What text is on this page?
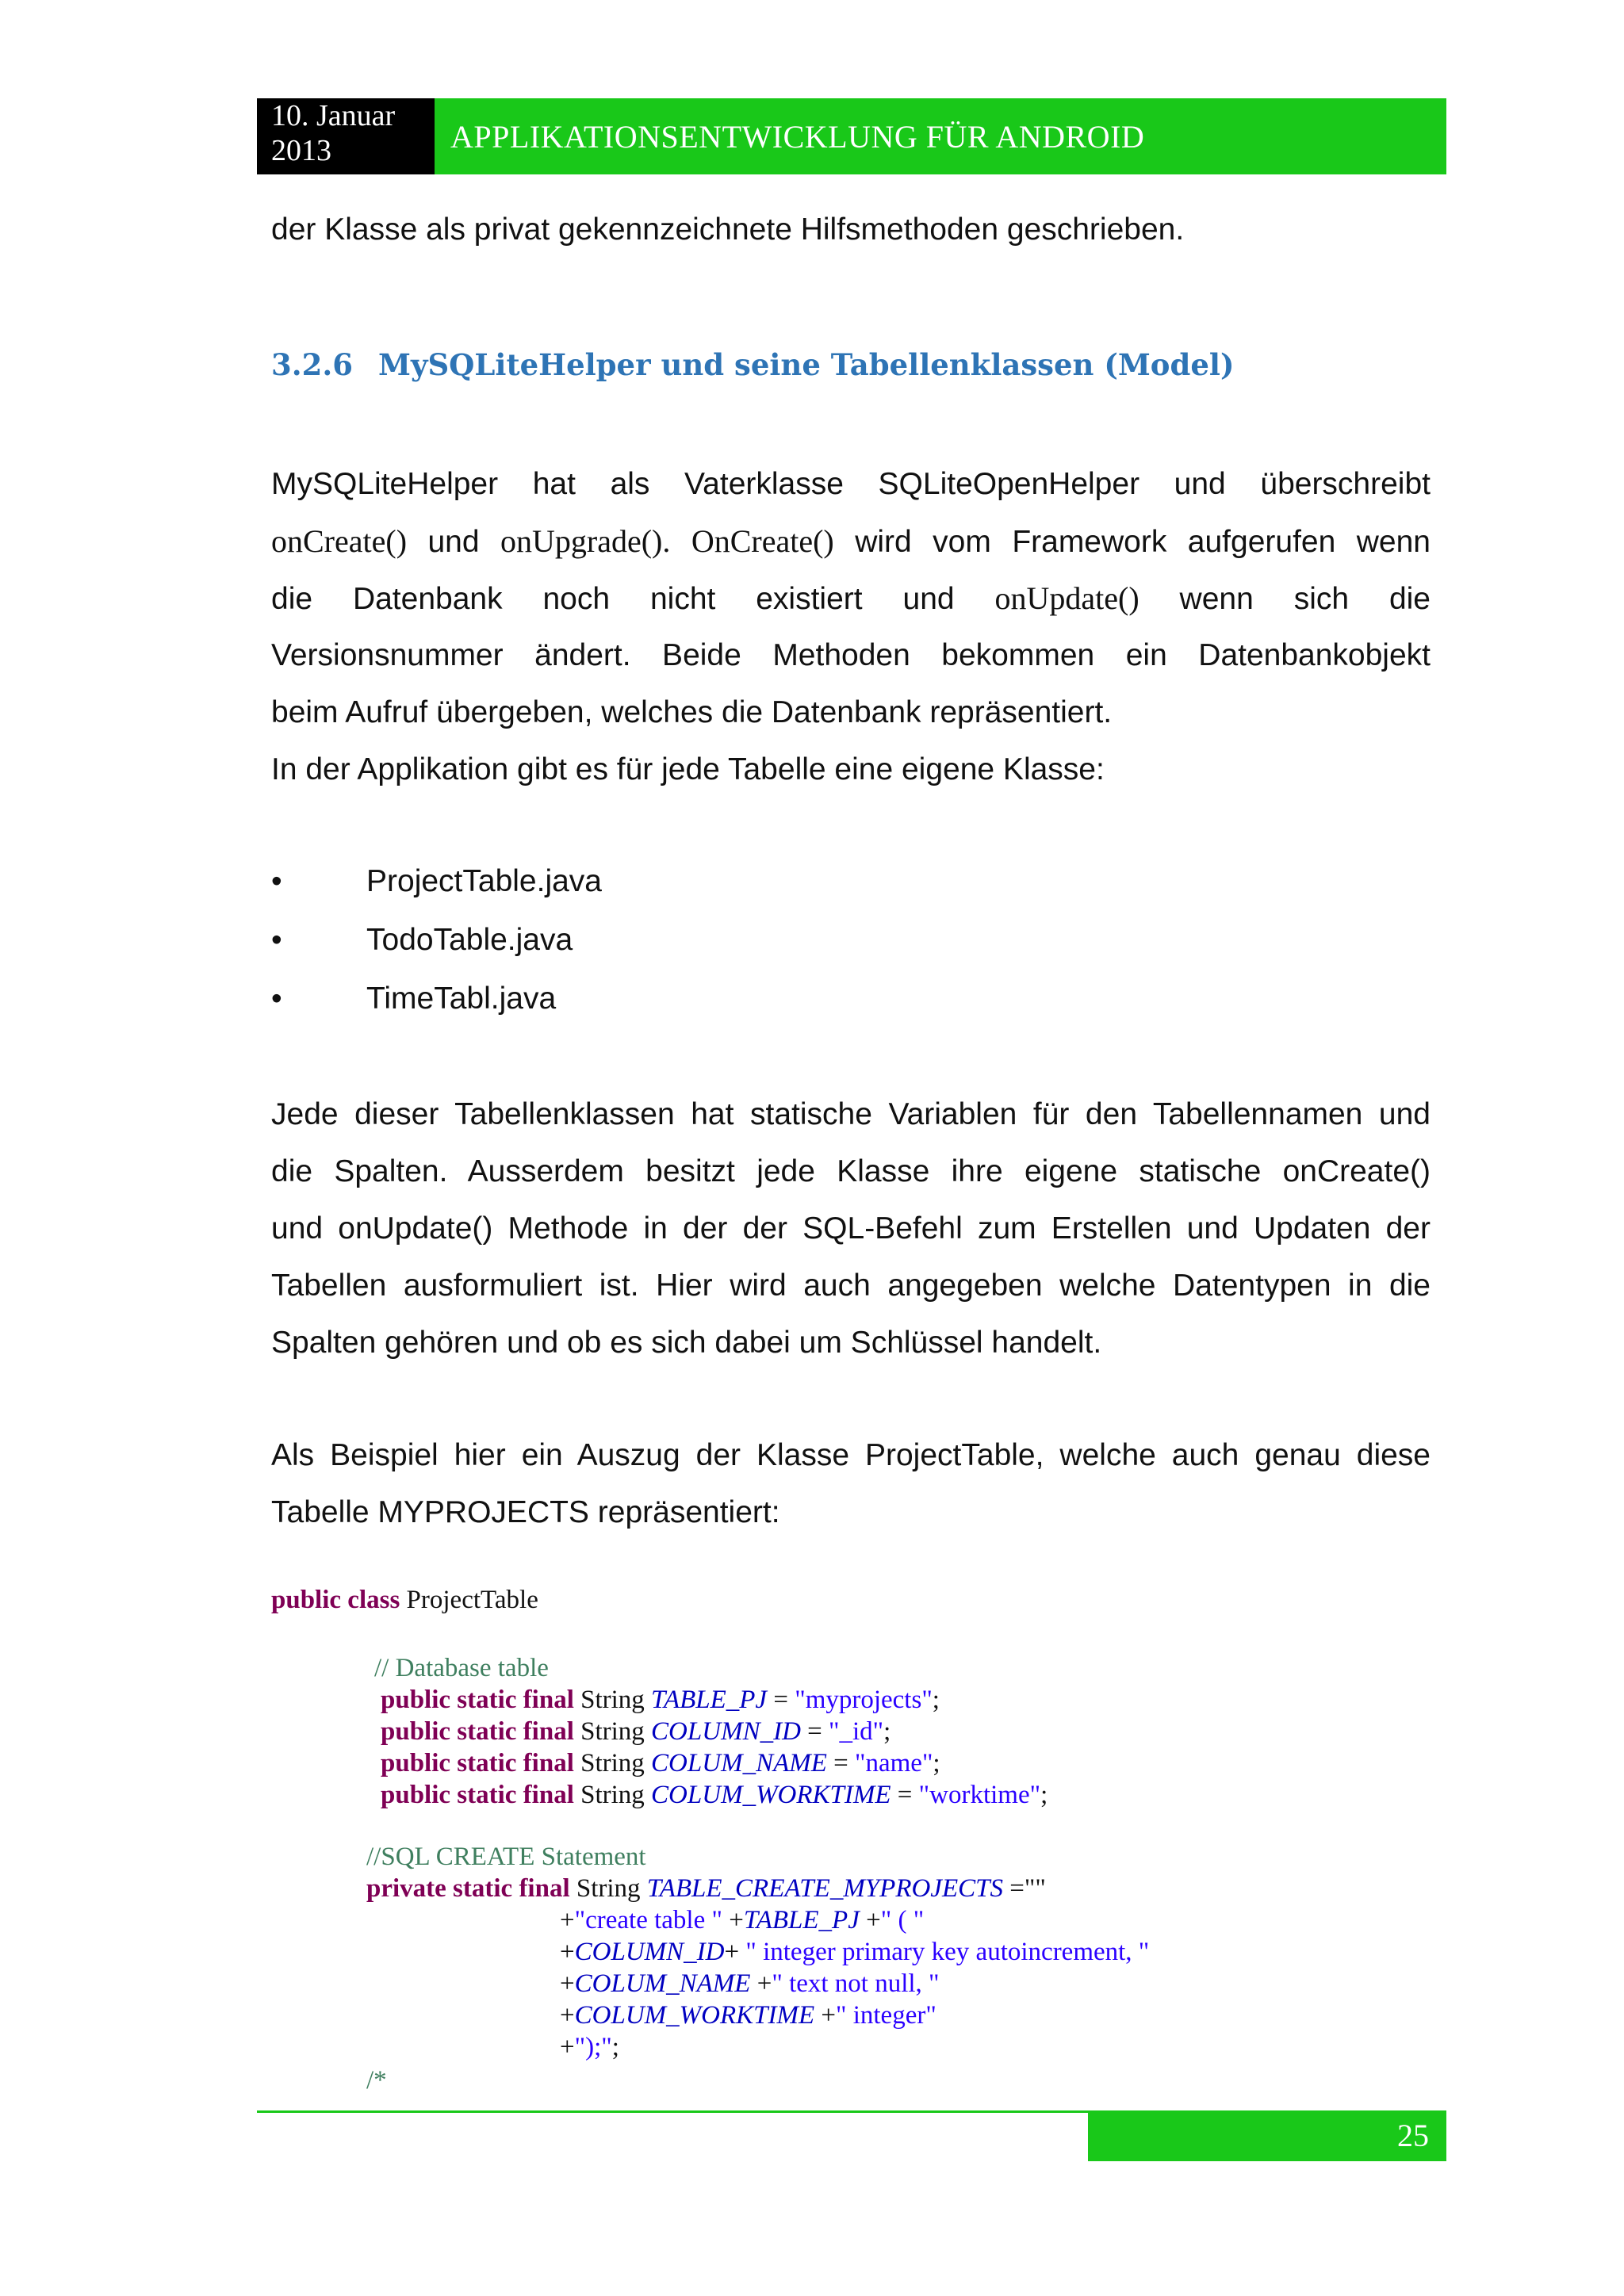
10. Januar
2013	APPLIKATIONSENTWICKLUNG FÜR ANDROID
der Klasse als privat gekennzeichnete Hilfsmethoden geschrieben.
3.2.6 MySQLiteHelper und seine Tabellenklassen (Model)
MySQLiteHelper hat als Vaterklasse SQLiteOpenHelper und überschreibt
onCreate() und onUpgrade(). OnCreate() wird vom Framework aufgerufen wenn
die Datenbank noch nicht existiert und onUpdate() wenn sich die
Versionsnummer ändert. Beide Methoden bekommen ein Datenbankobjekt
beim Aufruf übergeben, welches die Datenbank repräsentiert.
In der Applikation gibt es für jede Tabelle eine eigene Klasse:
•	ProjectTable.java
•	TodoTable.java
•	TimeTabl.java
Jede dieser Tabellenklassen hat statische Variablen für den Tabellennamen und
die Spalten. Ausserdem besitzt jede Klasse ihre eigene statische onCreate()
und onUpdate() Methode in der der SQL-Befehl zum Erstellen und Updaten der
Tabellen ausformuliert ist. Hier wird auch angegeben welche Datentypen in die
Spalten gehören und ob es sich dabei um Schlüssel handelt.
Als Beispiel hier ein Auszug der Klasse ProjectTable, welche auch genau diese
Tabelle MYPROJECTS repräsentiert:
public class ProjectTable
// Database table
public static final String TABLE_PJ = "myprojects";
public static final String COLUMN_ID = "_id";
public static final String COLUM_NAME = "name";
public static final String COLUM_WORKTIME = "worktime";
//SQL CREATE Statement
private static final String TABLE_CREATE_MYPROJECTS =""
+"create table " +TABLE_PJ +" ( "
+COLUMN_ID+ " integer primary key autoincrement, "
+COLUM_NAME +" text not null, "
+COLUM_WORKTIME +" integer"
+");";
/*
25
